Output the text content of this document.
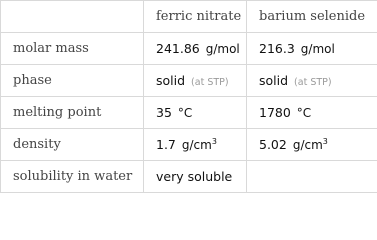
	ferric nitrate	barium selenide
molar mass	241.86 g/mol	216.3 g/mol
phase	solid (at STP)	solid (at STP)
melting point	35 °C	1780 °C
density	1.7 $g/cm^3$	5.02 $g/cm^3$
solubility in water	very soluble	
